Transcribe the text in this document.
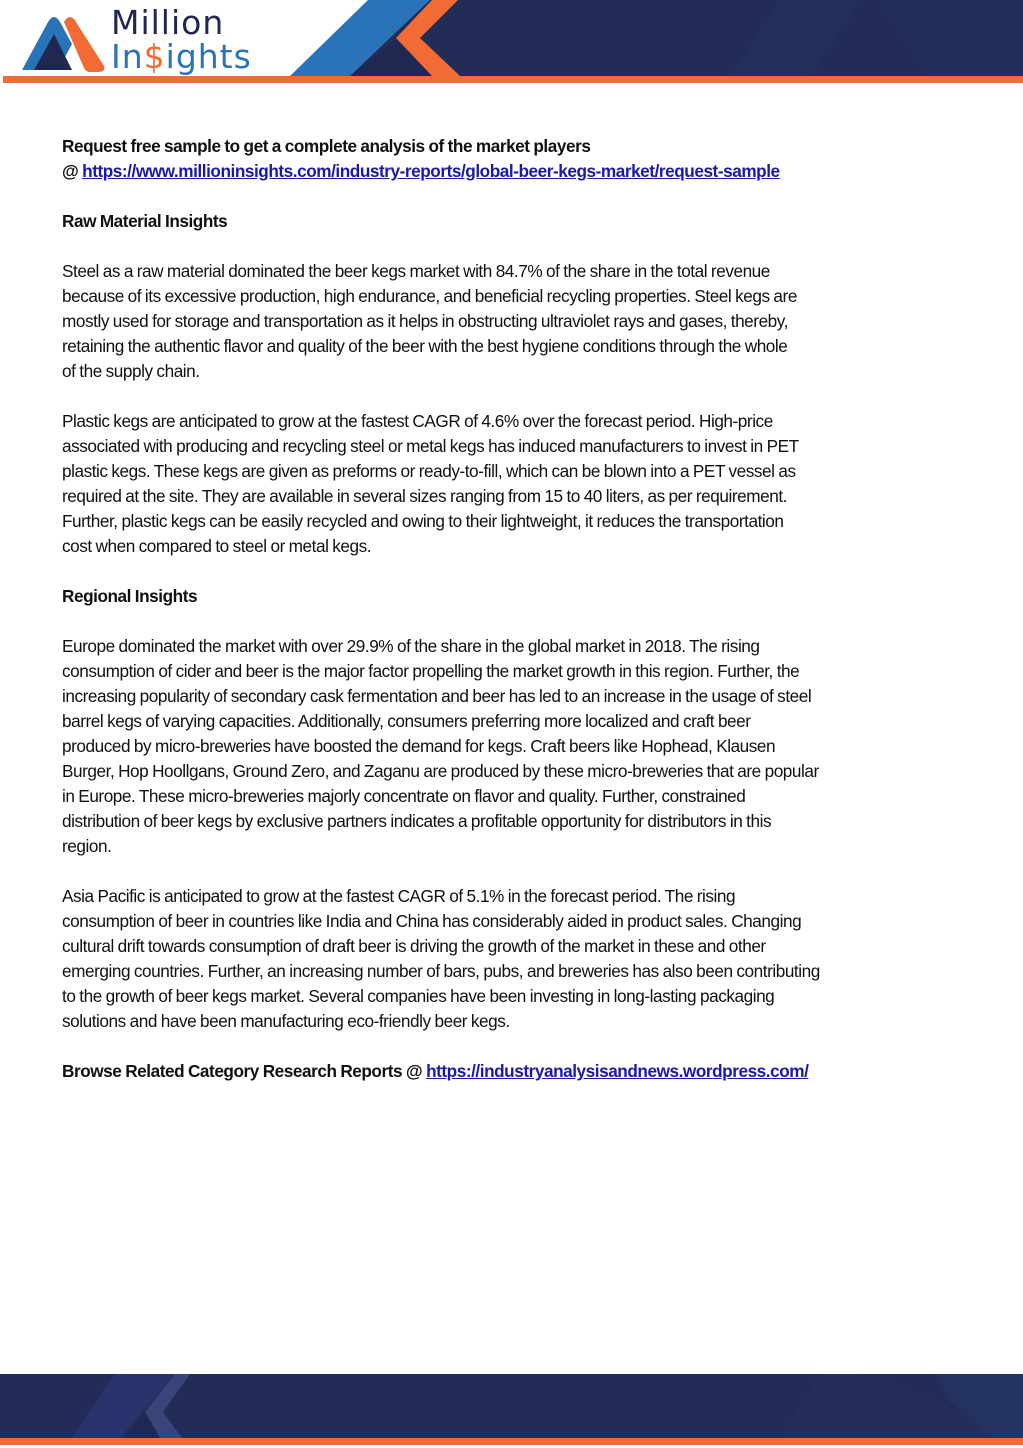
Million
In$ights
Request free sample to get a complete analysis of the market players
@ https://www.millioninsights.com/industry-reports/global-beer-kegs-market/request-sample
Raw Material Insights
Steel as a raw material dominated the beer kegs market with 84.7% of the share in the total revenue
because of its excessive production, high endurance, and beneficial recycling properties. Steel kegs are
mostly used for storage and transportation as it helps in obstructing ultraviolet rays and gases, thereby,
retaining the authentic flavor and quality of the beer with the best hygiene conditions through the whole
of the supply chain.
Plastic kegs are anticipated to grow at the fastest CAGR of 4.6% over the forecast period. High-price
associated with producing and recycling steel or metal kegs has induced manufacturers to invest in PET
plastic kegs. These kegs are given as preforms or ready-to-fill, which can be blown into a PET vessel as
required at the site. They are available in several sizes ranging from 15 to 40 liters, as per requirement.
Further, plastic kegs can be easily recycled and owing to their lightweight, it reduces the transportation
cost when compared to steel or metal kegs.
Regional Insights
Europe dominated the market with over 29.9% of the share in the global market in 2018. The rising
consumption of cider and beer is the major factor propelling the market growth in this region. Further, the
increasing popularity of secondary cask fermentation and beer has led to an increase in the usage of steel
barrel kegs of varying capacities. Additionally, consumers preferring more localized and craft beer
produced by micro-breweries have boosted the demand for kegs. Craft beers like Hophead, Klausen
Burger, Hop Hoollgans, Ground Zero, and Zaganu are produced by these micro-breweries that are popular
in Europe. These micro-breweries majorly concentrate on flavor and quality. Further, constrained
distribution of beer kegs by exclusive partners indicates a profitable opportunity for distributors in this
region.
Asia Pacific is anticipated to grow at the fastest CAGR of 5.1% in the forecast period. The rising
consumption of beer in countries like India and China has considerably aided in product sales. Changing
cultural drift towards consumption of draft beer is driving the growth of the market in these and other
emerging countries. Further, an increasing number of bars, pubs, and breweries has also been contributing
to the growth of beer kegs market. Several companies have been investing in long-lasting packaging
solutions and have been manufacturing eco-friendly beer kegs.
Browse Related Category Research Reports @ https://industryanalysisandnews.wordpress.com/
